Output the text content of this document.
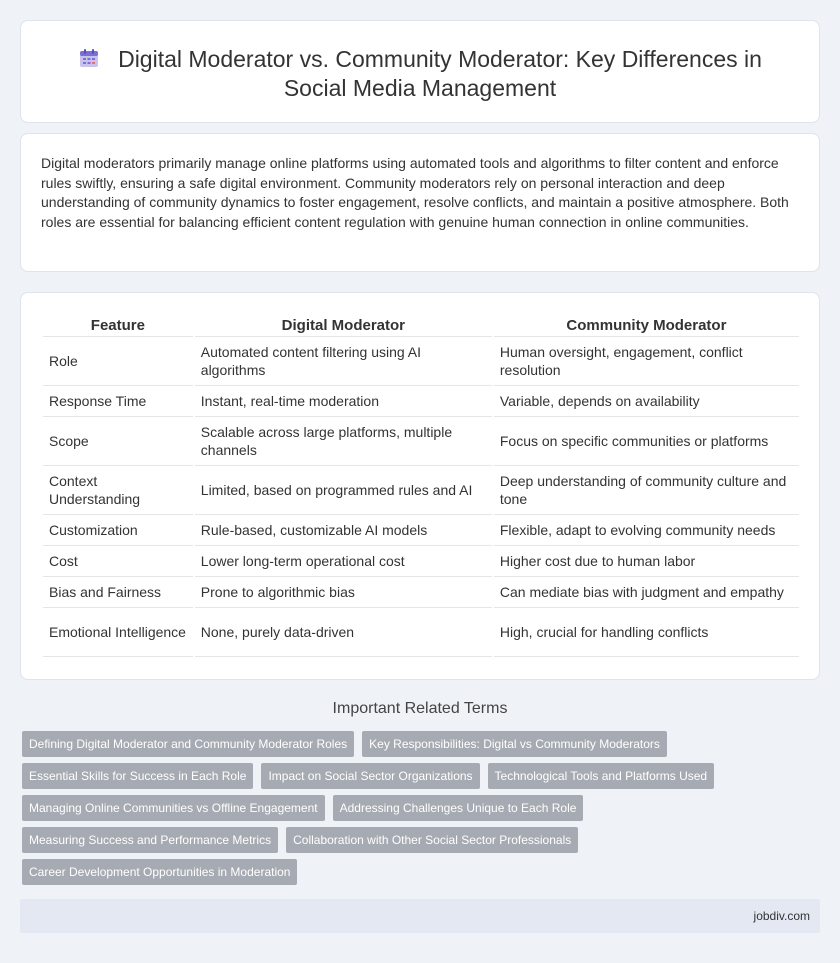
Digital Moderator vs. Community Moderator: Key Differences in Social Media Management

Digital moderators primarily manage online platforms using automated tools and algorithms to filter content and enforce rules swiftly, ensuring a safe digital environment. Community moderators rely on personal interaction and deep understanding of community dynamics to foster engagement, resolve conflicts, and maintain a positive atmosphere. Both roles are essential for balancing efficient content regulation with genuine human connection in online communities.

Feature	Digital Moderator	Community Moderator
Role	Automated content filtering using AI algorithms	Human oversight, engagement, conflict resolution
Response Time	Instant, real-time moderation	Variable, depends on availability
Scope	Scalable across large platforms, multiple channels	Focus on specific communities or platforms
Context Understanding	Limited, based on programmed rules and AI	Deep understanding of community culture and tone
Customization	Rule-based, customizable AI models	Flexible, adapt to evolving community needs
Cost	Lower long-term operational cost	Higher cost due to human labor
Bias and Fairness	Prone to algorithmic bias	Can mediate bias with judgment and empathy
Emotional Intelligence	None, purely data-driven	High, crucial for handling conflicts
Important Related Terms
Defining Digital Moderator and Community Moderator Roles	Key Responsibilities: Digital vs Community Moderators
Essential Skills for Success in Each Role	Impact on Social Sector Organizations	Technological Tools and Platforms Used
Managing Online Communities vs Offline Engagement	Addressing Challenges Unique to Each Role
Measuring Success and Performance Metrics	Collaboration with Other Social Sector Professionals
Career Development Opportunities in Moderation
jobdiv.com
